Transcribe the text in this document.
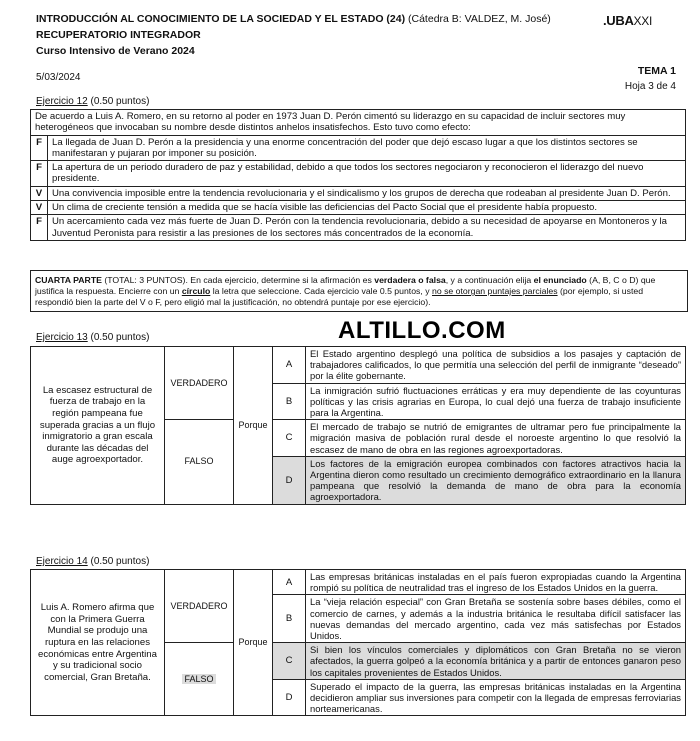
INTRODUCCIÓN AL CONOCIMIENTO DE LA SOCIEDAD Y EL ESTADO (24) (Cátedra B: VALDEZ, M. José)
RECUPERATORIO INTEGRADOR
Curso Intensivo de Verano 2024
.UBAXXI
5/03/2024
TEMA 1
Hoja 3 de 4
Ejercicio 12 (0.50 puntos)
De acuerdo a Luis A. Romero, en su retorno al poder en 1973 Juan D. Perón cimentó su liderazgo en su capacidad de incluir sectores muy heterogéneos que invocaban su nombre desde distintos anhelos insatisfechos. Esto tuvo como efecto:	
F	La llegada de Juan D. Perón a la presidencia y una enorme concentración del poder que dejó escaso lugar a que los distintos sectores se manifestaran y pujaran por imponer su posición.
F	La apertura de un periodo duradero de paz y estabilidad, debido a que todos los sectores negociaron y reconocieron el liderazgo del nuevo presidente.
V	Una convivencia imposible entre la tendencia revolucionaria y el sindicalismo y los grupos de derecha que rodeaban al presidente Juan D. Perón.
V	Un clima de creciente tensión a medida que se hacía visible las deficiencias del Pacto Social que el presidente había propuesto.
F	Un acercamiento cada vez más fuerte de Juan D. Perón con la tendencia revolucionaria, debido a su necesidad de apoyarse en Montoneros y la Juventud Peronista para resistir a las presiones de los sectores más concentrados de la economía.
CUARTA PARTE (TOTAL: 3 PUNTOS). En cada ejercicio, determine si la afirmación es verdadera o falsa, y a continuación elija el enunciado (A, B, C o D) que justifica la respuesta. Encierre con un círculo la letra que seleccione. Cada ejercicio vale 0.5 puntos, y no se otorgan puntajes parciales (por ejemplo, si usted respondió bien la parte del V o F, pero eligió mal la justificación, no obtendrá puntaje por ese ejercicio).
ALTILLO.COM
Ejercicio 13 (0.50 puntos)
La escasez estructural de fuerza de trabajo en la región pampeana fue superada gracias a un flujo inmigratorio a gran escala durante las décadas del auge agroexportador.	VERDADERO	Porque	A	El Estado argentino desplegó una política de subsidios a los pasajes y captación de trabajadores calificados, lo que permitía una selección del perfil de inmigrante “deseado” por la élite gobernante.
			B	La inmigración sufrió fluctuaciones erráticas y era muy dependiente de las coyunturas políticas y las crisis agrarias en Europa, lo cual dejó una fuerza de trabajo insuficiente para la Argentina.
	FALSO		C	El mercado de trabajo se nutrió de emigrantes de ultramar pero fue principalmente la migración masiva de población rural desde el noroeste argentino lo que resolvió la escasez de mano de obra en las regiones agroexportadoras.
			D	Los factores de la emigración europea combinados con factores atractivos hacia la Argentina dieron como resultado un crecimiento demográfico extraordinario en la llanura pampeana que resolvió la demanda de mano de obra para la economía agroexportadora.
Ejercicio 14 (0.50 puntos)
Luis A. Romero afirma que con la Primera Guerra Mundial se produjo una ruptura en las relaciones económicas entre Argentina y su tradicional socio comercial, Gran Bretaña.	VERDADERO	Porque	A	Las empresas británicas instaladas en el país fueron expropiadas cuando la Argentina rompió su política de neutralidad tras el ingreso de los Estados Unidos en la guerra.
			B	La “vieja relación especial” con Gran Bretaña se sostenía sobre bases débiles, como el comercio de carnes, y además a la industria británica le resultaba difícil satisfacer las nuevas demandas del mercado argentino, cada vez más satisfechas por Estados Unidos.
	FALSO		C	Si bien los vínculos comerciales y diplomáticos con Gran Bretaña no se vieron afectados, la guerra golpeó a la economía británica y a partir de entonces ganaron peso los capitales provenientes de Estados Unidos.
			D	Superado el impacto de la guerra, las empresas británicas instaladas en la Argentina decidieron ampliar sus inversiones para competir con la llegada de empresas ferroviarias norteamericanas.
